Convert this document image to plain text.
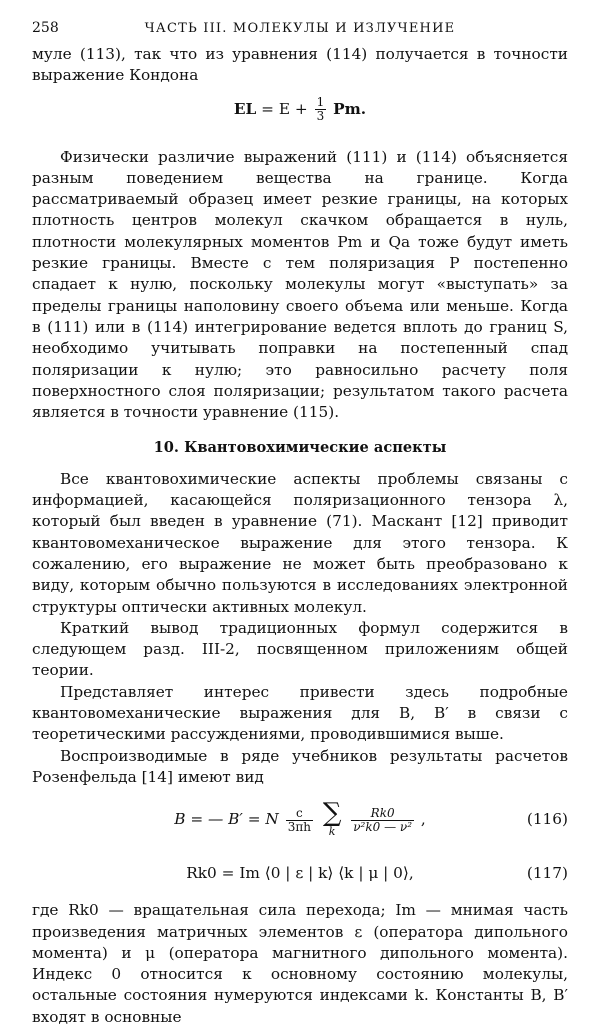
258	ЧАСТЬ III. МОЛЕКУЛЫ И ИЗЛУЧЕНИЕ

муле (113), так что из уравнения (114) получается в точности выражение Кондона

EL = $E + \frac{1}{3} Pm$.

Физически различие выражений (111) и (114) объясняется разным поведением вещества на границе. Когда рассматриваемый образец имеет резкие границы, на которых плотность центров молекул скачком обращается в нуль, плотности молекулярных моментов Pm и Qa тоже будут иметь резкие границы. Вместе с тем поляризация P постепенно спадает к нулю, поскольку молекулы могут «выступать» за пределы границы наполовину своего объема или меньше. Когда в (111) или в (114) интегрирование ведется вплоть до границ S, необходимо учитывать поправки на постепенный спад поляризации к нулю; это равносильно расчету поля поверхностного слоя поляризации; результатом такого расчета является в точности уравнение (115).

10. Квантовохимические аспекты

Все квантовохимические аспекты проблемы связаны с информацией, касающейся поляризационного тензора λ, который был введен в уравнение (71). Маскант [12] приводит квантовомеханическое выражение для этого тензора. К сожалению, его выражение не может быть преобразовано к виду, которым обычно пользуются в исследованиях электронной структуры оптически активных молекул.

Краткий вывод традиционных формул содержится в следующем разд. III-2, посвященном приложениям общей теории.

Представляет интерес привести здесь подробные квантовомеханические выражения для B, B′ в связи с теоретическими рассуждениями, проводившимися выше.

Воспроизводимые в ряде учебников результаты расчетов Розенфельда [14] имеют вид

B = — B′ = N $\frac{c}{3\pi h}$
∑
k
	$\frac{Rk0}{\text{ν²k0 — ν²}}$ ,	(116)
Rk0 = Im ⟨0 | ε | k⟩ ⟨k | μ | 0⟩,	(117)

где Rk0 — вращательная сила перехода; Im — мнимая часть произведения матричных элементов ε (оператора дипольного момента) и μ (оператора магнитного дипольного момента). Индекс 0 относится к основному состоянию молекулы, остальные состояния нумеруются индексами k. Константы B, B′ входят в основные
